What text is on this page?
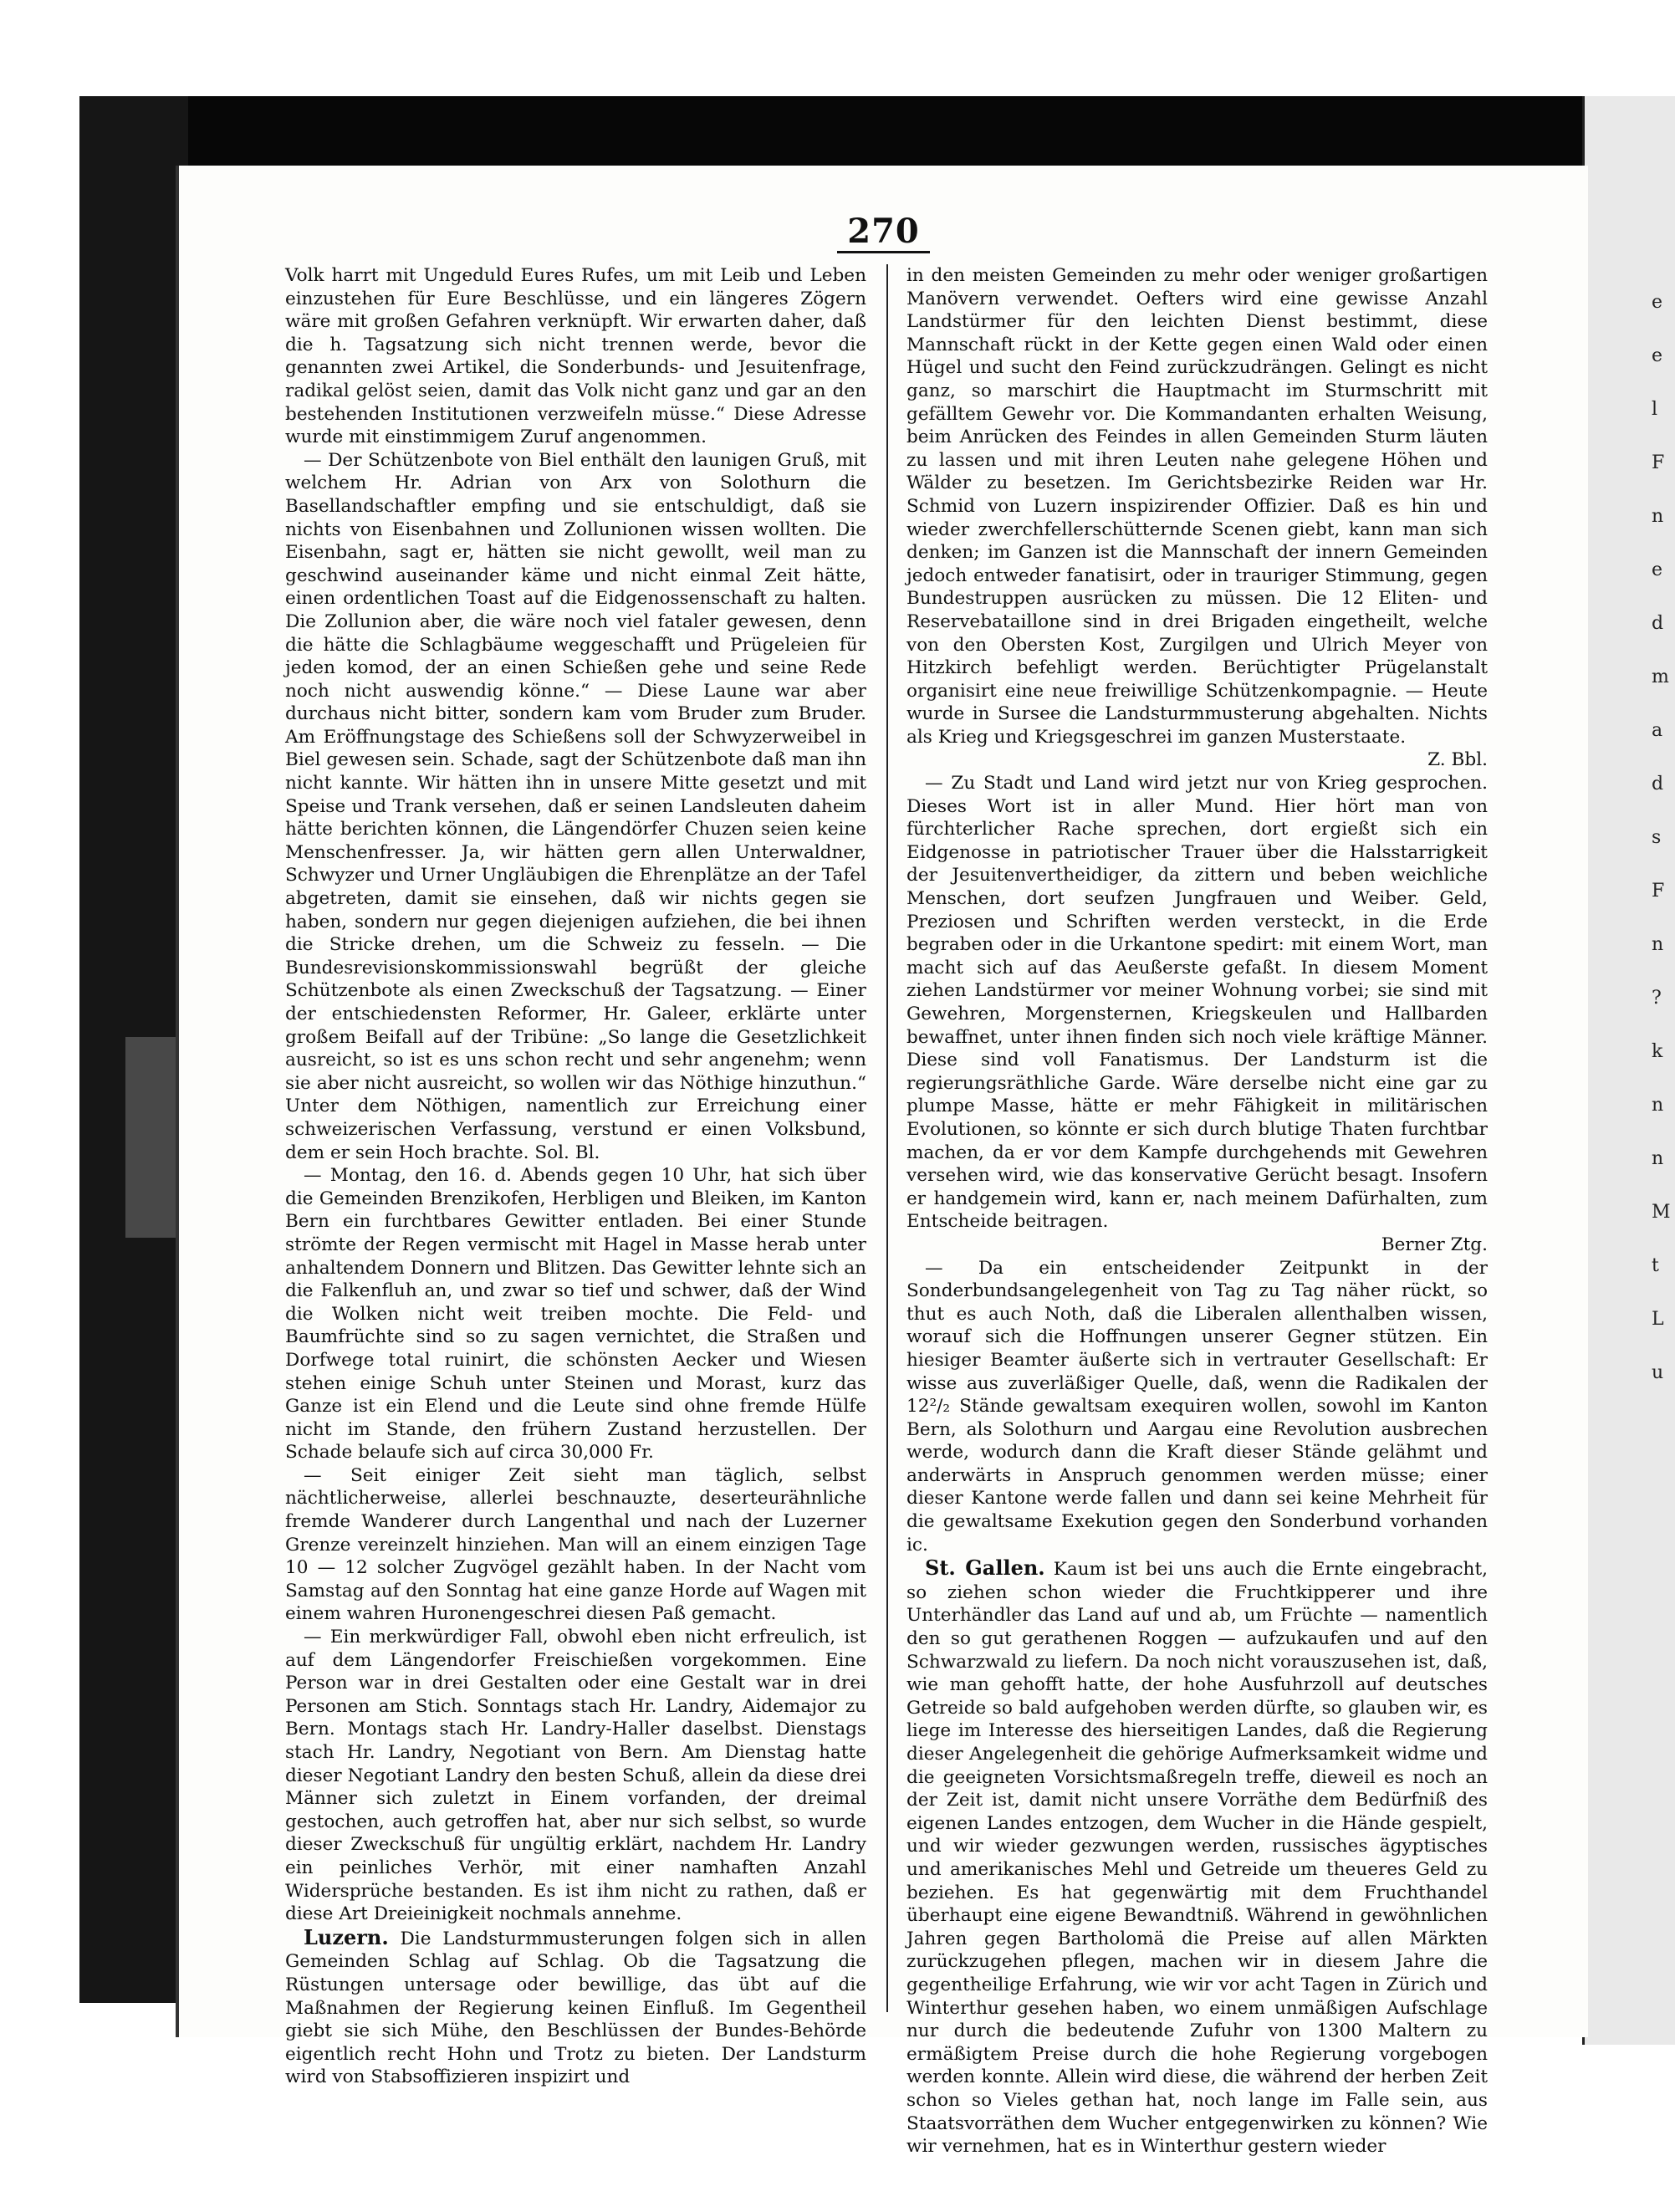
e
e
l
F
n
e
d
m
a
d
s
F
n
?
k
n
n
M
t
L
u
270

Volk harrt mit Ungeduld Eures Rufes, um mit Leib und Leben einzustehen für Eure Beschlüsse, und ein längeres Zögern wäre mit großen Gefahren verknüpft. Wir erwarten daher, daß die h. Tagsatzung sich nicht trennen werde, bevor die genannten zwei Artikel, die Sonderbunds- und Jesuitenfrage, radikal gelöst seien, damit das Volk nicht ganz und gar an den bestehenden Institutionen verzweifeln müsse.“ Diese Adresse wurde mit einstimmigem Zuruf angenommen.

— Der Schützenbote von Biel enthält den launigen Gruß, mit welchem Hr. Adrian von Arx von Solothurn die Basellandschaftler empfing und sie entschuldigt, daß sie nichts von Eisenbahnen und Zollunionen wissen wollten. Die Eisenbahn, sagt er, hätten sie nicht gewollt, weil man zu geschwind auseinander käme und nicht einmal Zeit hätte, einen ordentlichen Toast auf die Eidgenossenschaft zu halten. Die Zollunion aber, die wäre noch viel fataler gewesen, denn die hätte die Schlagbäume weggeschafft und Prügeleien für jeden komod, der an einen Schießen gehe und seine Rede noch nicht auswendig könne.“ — Diese Laune war aber durchaus nicht bitter, sondern kam vom Bruder zum Bruder. Am Eröffnungstage des Schießens soll der Schwyzerweibel in Biel gewesen sein. Schade, sagt der Schützenbote daß man ihn nicht kannte. Wir hätten ihn in unsere Mitte gesetzt und mit Speise und Trank versehen, daß er seinen Landsleuten daheim hätte berichten können, die Längendörfer Chuzen seien keine Menschenfresser. Ja, wir hätten gern allen Unterwaldner, Schwyzer und Urner Ungläubigen die Ehrenplätze an der Tafel abgetreten, damit sie einsehen, daß wir nichts gegen sie haben, sondern nur gegen diejenigen aufziehen, die bei ihnen die Stricke drehen, um die Schweiz zu fesseln. — Die Bundesrevisionskommissionswahl begrüßt der gleiche Schützenbote als einen Zweckschuß der Tagsatzung. — Einer der entschiedensten Reformer, Hr. Galeer, erklärte unter großem Beifall auf der Tribüne: „So lange die Gesetzlichkeit ausreicht, so ist es uns schon recht und sehr angenehm; wenn sie aber nicht ausreicht, so wollen wir das Nöthige hinzuthun.“ Unter dem Nöthigen, namentlich zur Erreichung einer schweizerischen Verfassung, verstund er einen Volksbund, dem er sein Hoch brachte. Sol. Bl.

— Montag, den 16. d. Abends gegen 10 Uhr, hat sich über die Gemeinden Brenzikofen, Herbligen und Bleiken, im Kanton Bern ein furchtbares Gewitter entladen. Bei einer Stunde strömte der Regen vermischt mit Hagel in Masse herab unter anhaltendem Donnern und Blitzen. Das Gewitter lehnte sich an die Falkenfluh an, und zwar so tief und schwer, daß der Wind die Wolken nicht weit treiben mochte. Die Feld- und Baumfrüchte sind so zu sagen vernichtet, die Straßen und Dorfwege total ruinirt, die schönsten Aecker und Wiesen stehen einige Schuh unter Steinen und Morast, kurz das Ganze ist ein Elend und die Leute sind ohne fremde Hülfe nicht im Stande, den frühern Zustand herzustellen. Der Schade belaufe sich auf circa 30,000 Fr.

— Seit einiger Zeit sieht man täglich, selbst nächtlicherweise, allerlei beschnauzte, deserteurähnliche fremde Wanderer durch Langenthal und nach der Luzerner Grenze vereinzelt hinziehen. Man will an einem einzigen Tage 10 — 12 solcher Zugvögel gezählt haben. In der Nacht vom Samstag auf den Sonntag hat eine ganze Horde auf Wagen mit einem wahren Huronengeschrei diesen Paß gemacht.

— Ein merkwürdiger Fall, obwohl eben nicht erfreulich, ist auf dem Längendorfer Freischießen vorgekommen. Eine Person war in drei Gestalten oder eine Gestalt war in drei Personen am Stich. Sonntags stach Hr. Landry, Aidemajor zu Bern. Montags stach Hr. Landry-Haller daselbst. Dienstags stach Hr. Landry, Negotiant von Bern. Am Dienstag hatte dieser Negotiant Landry den besten Schuß, allein da diese drei Männer sich zuletzt in Einem vorfanden, der dreimal gestochen, auch getroffen hat, aber nur sich selbst, so wurde dieser Zweckschuß für ungültig erklärt, nachdem Hr. Landry ein peinliches Verhör, mit einer namhaften Anzahl Widersprüche bestanden. Es ist ihm nicht zu rathen, daß er diese Art Dreieinigkeit nochmals annehme.

Luzern. Die Landsturmmusterungen folgen sich in allen Gemeinden Schlag auf Schlag. Ob die Tagsatzung die Rüstungen untersage oder bewillige, das übt auf die Maßnahmen der Regierung keinen Einfluß. Im Gegentheil giebt sie sich Mühe, den Beschlüssen der Bundes-Behörde eigentlich recht Hohn und Trotz zu bieten. Der Landsturm wird von Stabsoffizieren inspizirt und

in den meisten Gemeinden zu mehr oder weniger großartigen Manövern verwendet. Oefters wird eine gewisse Anzahl Landstürmer für den leichten Dienst bestimmt, diese Mannschaft rückt in der Kette gegen einen Wald oder einen Hügel und sucht den Feind zurückzudrängen. Gelingt es nicht ganz, so marschirt die Hauptmacht im Sturmschritt mit gefälltem Gewehr vor. Die Kommandanten erhalten Weisung, beim Anrücken des Feindes in allen Gemeinden Sturm läuten zu lassen und mit ihren Leuten nahe gelegene Höhen und Wälder zu besetzen. Im Gerichtsbezirke Reiden war Hr. Schmid von Luzern inspizirender Offizier. Daß es hin und wieder zwerchfellerschütternde Scenen giebt, kann man sich denken; im Ganzen ist die Mannschaft der innern Gemeinden jedoch entweder fanatisirt, oder in trauriger Stimmung, gegen Bundestruppen ausrücken zu müssen. Die 12 Eliten- und Reservebataillone sind in drei Brigaden eingetheilt, welche von den Obersten Kost, Zurgilgen und Ulrich Meyer von Hitzkirch befehligt werden. Berüchtigter Prügelanstalt organisirt eine neue freiwillige Schützenkompagnie. — Heute wurde in Sursee die Landsturmmusterung abgehalten. Nichts als Krieg und Kriegsgeschrei im ganzen Musterstaate.
Z. Bbl.

— Zu Stadt und Land wird jetzt nur von Krieg gesprochen. Dieses Wort ist in aller Mund. Hier hört man von fürchterlicher Rache sprechen, dort ergießt sich ein Eidgenosse in patriotischer Trauer über die Halsstarrigkeit der Jesuitenvertheidiger, da zittern und beben weichliche Menschen, dort seufzen Jungfrauen und Weiber. Geld, Preziosen und Schriften werden versteckt, in die Erde begraben oder in die Urkantone spedirt: mit einem Wort, man macht sich auf das Aeußerste gefaßt. In diesem Moment ziehen Landstürmer vor meiner Wohnung vorbei; sie sind mit Gewehren, Morgensternen, Kriegskeulen und Hallbarden bewaffnet, unter ihnen finden sich noch viele kräftige Männer. Diese sind voll Fanatismus. Der Landsturm ist die regierungsräthliche Garde. Wäre derselbe nicht eine gar zu plumpe Masse, hätte er mehr Fähigkeit in militärischen Evolutionen, so könnte er sich durch blutige Thaten furchtbar machen, da er vor dem Kampfe durchgehends mit Gewehren versehen wird, wie das konservative Gerücht besagt. Insofern er handgemein wird, kann er, nach meinem Dafürhalten, zum Entscheide beitragen.
Berner Ztg.

— Da ein entscheidender Zeitpunkt in der Sonderbundsangelegenheit von Tag zu Tag näher rückt, so thut es auch Noth, daß die Liberalen allenthalben wissen, worauf sich die Hoffnungen unserer Gegner stützen. Ein hiesiger Beamter äußerte sich in vertrauter Gesellschaft: Er wisse aus zuverläßiger Quelle, daß, wenn die Radikalen der 12²/₂ Stände gewaltsam exequiren wollen, sowohl im Kanton Bern, als Solothurn und Aargau eine Revolution ausbrechen werde, wodurch dann die Kraft dieser Stände gelähmt und anderwärts in Anspruch genommen werden müsse; einer dieser Kantone werde fallen und dann sei keine Mehrheit für die gewaltsame Exekution gegen den Sonderbund vorhanden ic.

St. Gallen. Kaum ist bei uns auch die Ernte eingebracht, so ziehen schon wieder die Fruchtkipperer und ihre Unterhändler das Land auf und ab, um Früchte — namentlich den so gut gerathenen Roggen — aufzukaufen und auf den Schwarzwald zu liefern. Da noch nicht vorauszusehen ist, daß, wie man gehofft hatte, der hohe Ausfuhrzoll auf deutsches Getreide so bald aufgehoben werden dürfte, so glauben wir, es liege im Interesse des hierseitigen Landes, daß die Regierung dieser Angelegenheit die gehörige Aufmerksamkeit widme und die geeigneten Vorsichtsmaßregeln treffe, dieweil es noch an der Zeit ist, damit nicht unsere Vorräthe dem Bedürfniß des eigenen Landes entzogen, dem Wucher in die Hände gespielt, und wir wieder gezwungen werden, russisches ägyptisches und amerikanisches Mehl und Getreide um theueres Geld zu beziehen. Es hat gegenwärtig mit dem Fruchthandel überhaupt eine eigene Bewandtniß. Während in gewöhnlichen Jahren gegen Bartholomä die Preise auf allen Märkten zurückzugehen pflegen, machen wir in diesem Jahre die gegentheilige Erfahrung, wie wir vor acht Tagen in Zürich und Winterthur gesehen haben, wo einem unmäßigen Aufschlage nur durch die bedeutende Zufuhr von 1300 Maltern zu ermäßigtem Preise durch die hohe Regierung vorgebogen werden konnte. Allein wird diese, die während der herben Zeit schon so Vieles gethan hat, noch lange im Falle sein, aus Staatsvorräthen dem Wucher entgegenwirken zu können? Wie wir vernehmen, hat es in Winterthur gestern wieder
